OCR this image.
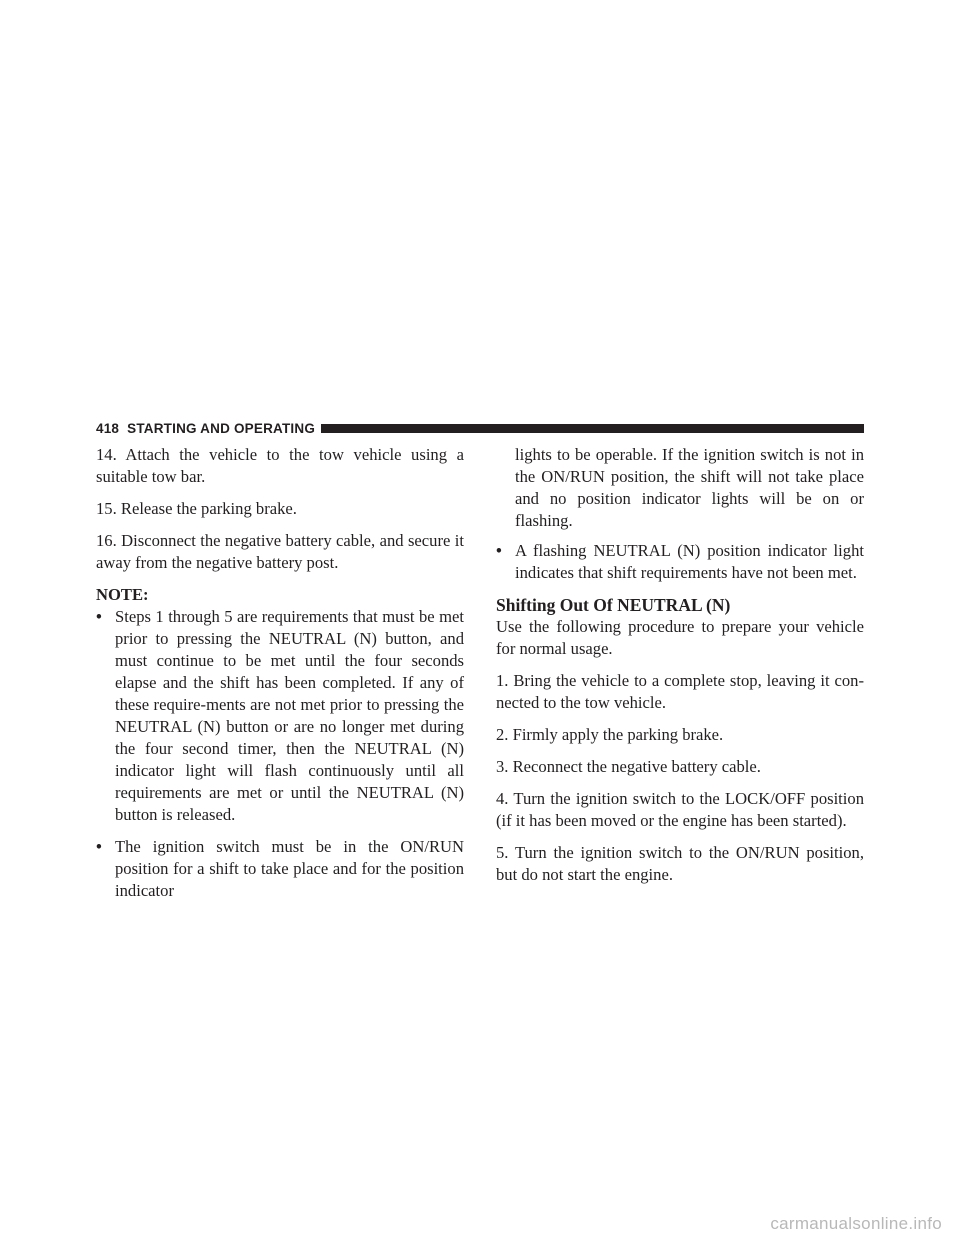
418 STARTING AND OPERATING

14. Attach the vehicle to the tow vehicle using a suitable tow bar.

15. Release the parking brake.

16. Disconnect the negative battery cable, and secure it away from the negative battery post.

NOTE:

• Steps 1 through 5 are requirements that must be met prior to pressing the NEUTRAL (N) button, and must continue to be met until the four seconds elapse and the shift has been completed. If any of these require-ments are not met prior to pressing the NEUTRAL (N) button or are no longer met during the four second timer, then the NEUTRAL (N) indicator light will flash continuously until all requirements are met or until the NEUTRAL (N) button is released.
• The ignition switch must be in the ON/RUN position for a shift to take place and for the position indicator

lights to be operable. If the ignition switch is not in the ON/RUN position, the shift will not take place and no position indicator lights will be on or flashing.

• A flashing NEUTRAL (N) position indicator light indicates that shift requirements have not been met.

Shifting Out Of NEUTRAL (N)

Use the following procedure to prepare your vehicle for normal usage.

1. Bring the vehicle to a complete stop, leaving it con-nected to the tow vehicle.

2. Firmly apply the parking brake.

3. Reconnect the negative battery cable.

4. Turn the ignition switch to the LOCK/OFF position (if it has been moved or the engine has been started).

5. Turn the ignition switch to the ON/RUN position, but do not start the engine.

carmanualsonline.info
